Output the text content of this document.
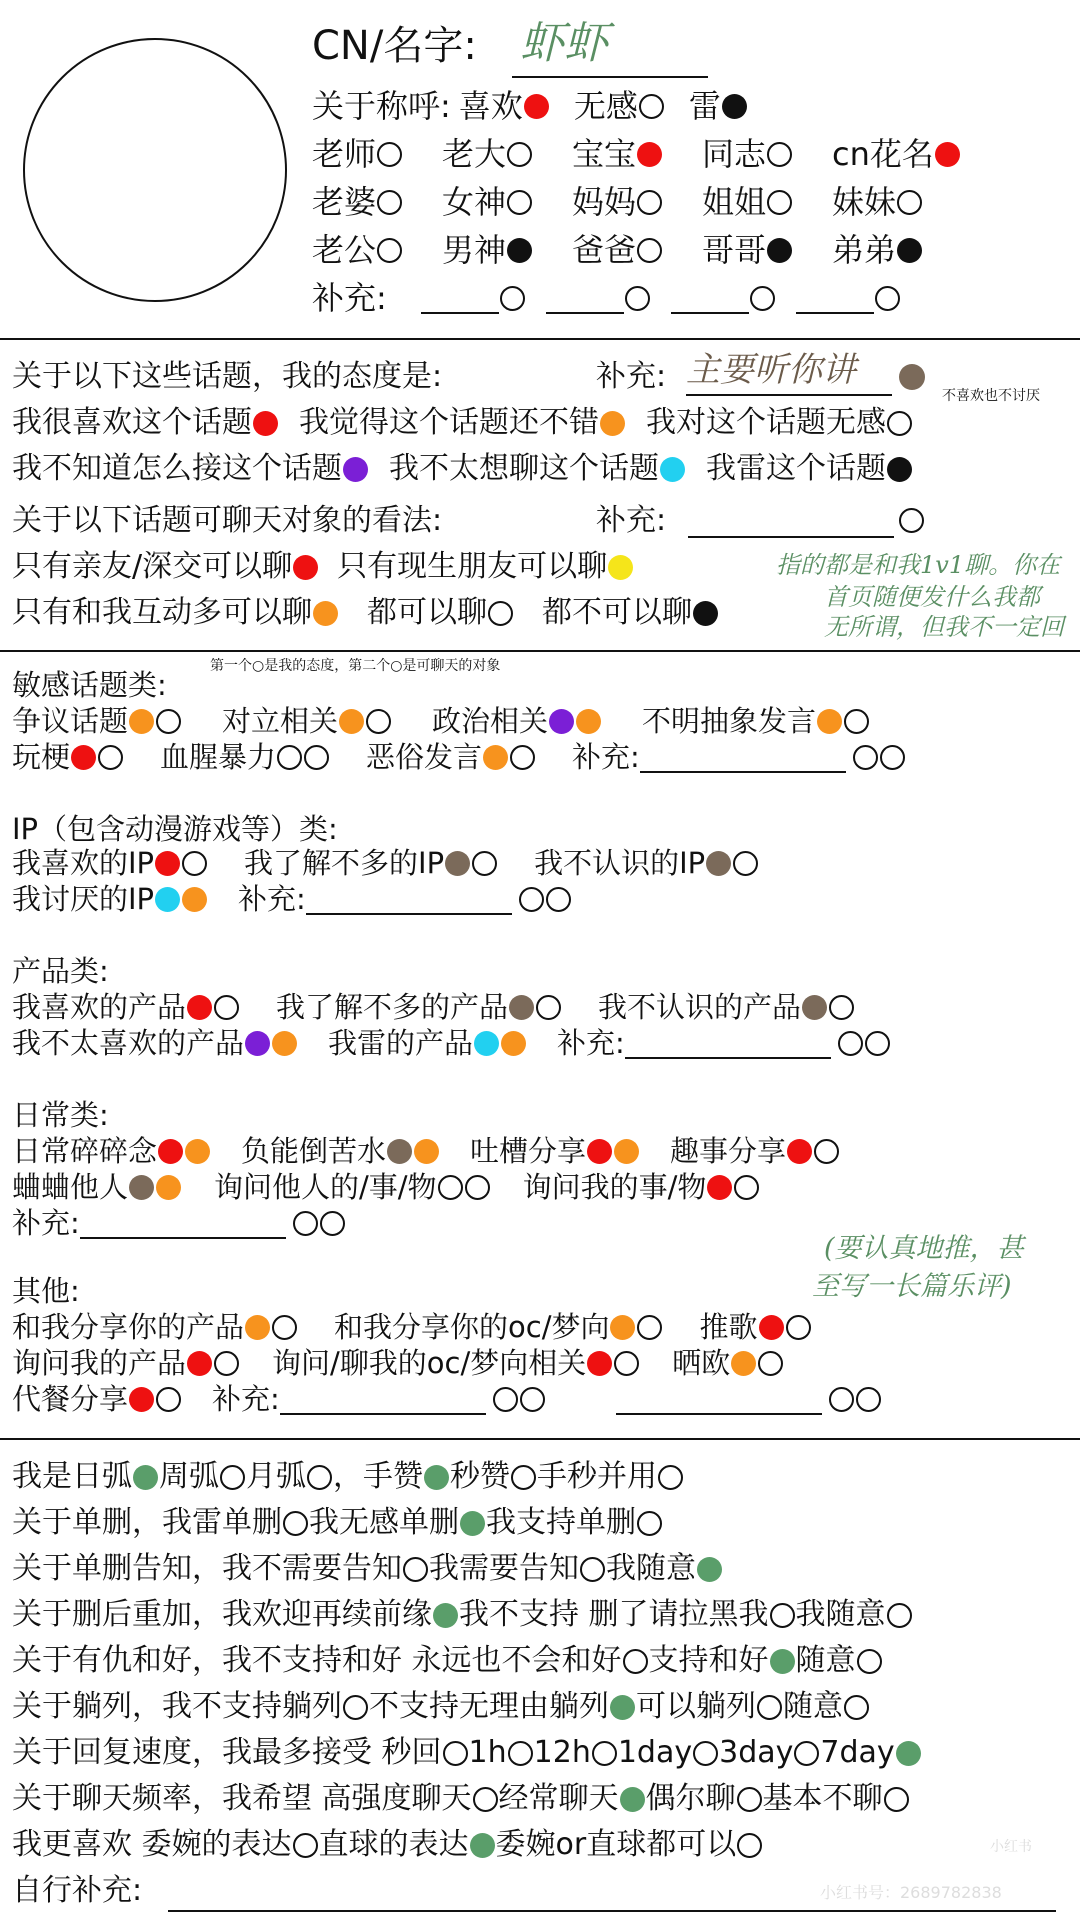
CN/名字: 虾虾
关于称呼: 喜欢 无感 雷
老师 老大 宝宝 同志 cn花名
老婆 女神 妈妈 姐姐 妹妹
老公 男神 爸爸 哥哥 弟弟
补充:
关于以下这些话题，我的态度是:	补充: 主要听你讲
不喜欢也不讨厌
我很喜欢这个话题 我觉得这个话题还不错 我对这个话题无感
我不知道怎么接这个话题 我不太想聊这个话题 我雷这个话题
关于以下话题可聊天对象的看法:	补充:
只有亲友/深交可以聊 只有现生朋友可以聊
只有和我互动多可以聊 都可以聊 都不可以聊
指的都是和我1v1聊。你在
首页随便发什么我都
无所谓，但我不一定回
敏感话题类:
第一个○是我的态度，第二个○是可聊天的对象
争议话题	对立相关	政治相关	不明抽象发言
玩梗	血腥暴力	恶俗发言	补充:
IP（包含动漫游戏等）类:
我喜欢的IP	我了解不多的IP	我不认识的IP
我讨厌的IP	补充:
产品类:
我喜欢的产品	我了解不多的产品	我不认识的产品
我不太喜欢的产品	我雷的产品	补充:
日常类:
日常碎碎念	负能倒苦水	吐槽分享	趣事分享
蛐蛐他人	询问他人的/事/物	询问我的事/物
补充:
其他:
(要认真地推，甚
至写一长篇乐评)
和我分享你的产品	和我分享你的oc/梦向	推歌
询问我的产品	询问/聊我的oc/梦向相关	晒欧
代餐分享	补充:
我是日弧 周弧 月弧 ，手赞 秒赞 手秒并用
关于单删，我雷单删 我无感单删 我支持单删
关于单删告知，我不需要告知 我需要告知 我随意
关于删后重加，我欢迎再续前缘 我不支持 删了请拉黑我 我随意
关于有仇和好，我不支持和好 永远也不会和好 支持和好 随意
关于躺列，我不支持躺列 不支持无理由躺列 可以躺列 随意
关于回复速度，我最多接受 秒回 1h 12h 1day 3day 7day
关于聊天频率，我希望 高强度聊天 经常聊天 偶尔聊 基本不聊
我更喜欢 委婉的表达 直球的表达 委婉or直球都可以
自行补充:
小红书
小红书号：2689782838
